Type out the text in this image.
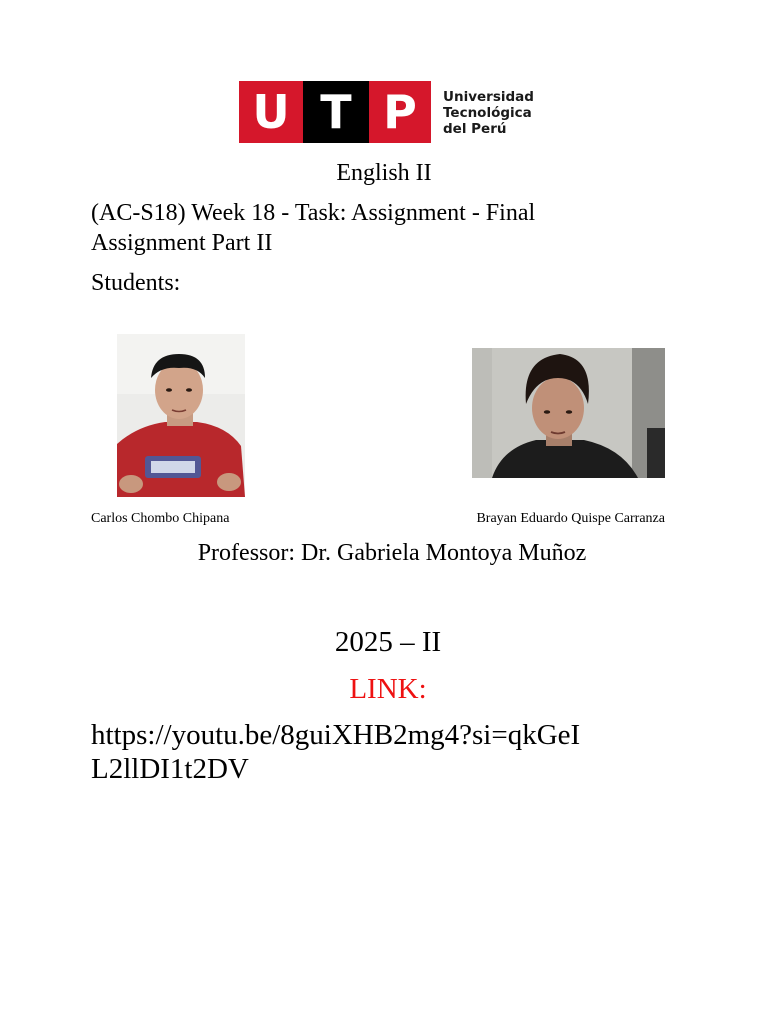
U T P	Universidad
Tecnológica
del Perú
English II
(AC-S18) Week 18 - Task: Assignment - Final Assignment Part II
Students:
Carlos Chombo Chipana	Brayan Eduardo Quispe Carranza
Professor: Dr. Gabriela Montoya Muñoz
2025 – II
LINK:
https://youtu.be/8guiXHB2mg4?si=qkGeIL2llDI1t2DV
